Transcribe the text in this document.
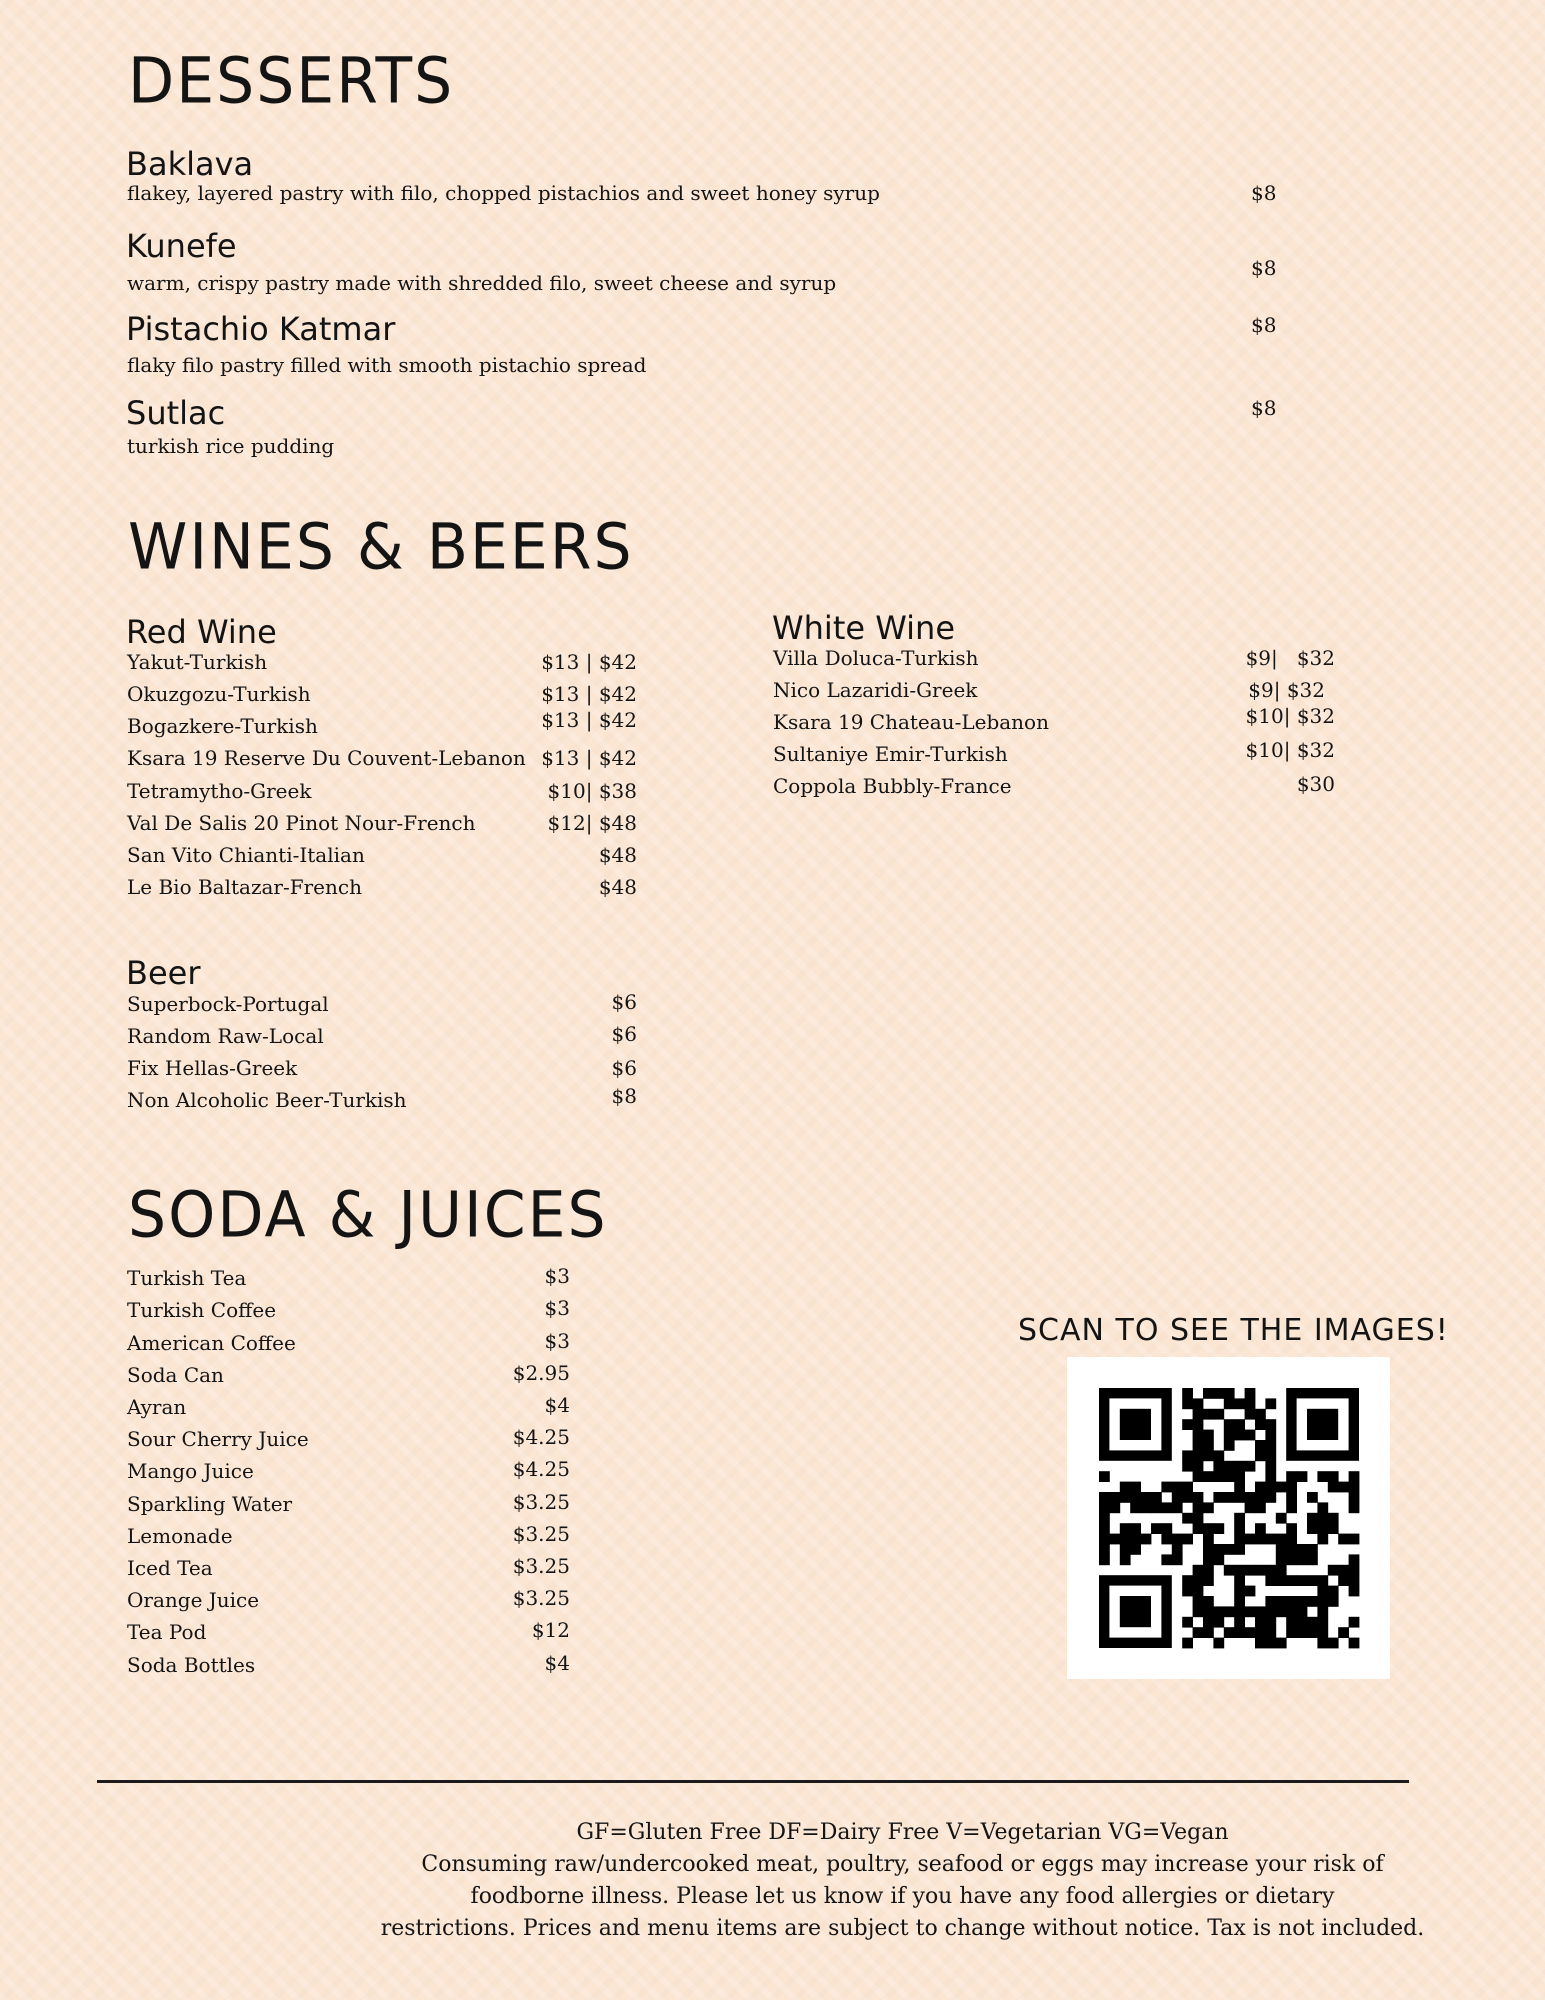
DESSERTS
Baklava
flakey, layered pastry with filo, chopped pistachios and sweet honey syrup	$8
Kunefe
warm, crispy pastry made with shredded filo, sweet cheese and syrup
$8
Pistachio Katmar
flaky filo pastry filled with smooth pistachio spread
$8
Sutlac
turkish rice pudding
$8
WINES & BEERS
Red Wine
Yakut-Turkish	$13 | $42
Okuzgozu-Turkish	$13 | $42
Bogazkere-Turkish	$13 | $42
Ksara 19 Reserve Du Couvent-Lebanon $13 | $42
Tetramytho-Greek	$10| $38
Val De Salis 20 Pinot Nour-French	$12| $48
San Vito Chianti-Italian	$48
Le Bio Baltazar-French	$48
White Wine
Villa Doluca-Turkish	$9|   $32
Nico Lazaridi-Greek	$9| $32
Ksara 19 Chateau-Lebanon	$10| $32
Sultaniye Emir-Turkish	$10| $32
Coppola Bubbly-France	$30
Beer
Superbock-Portugal	$6
Random Raw-Local	$6
Fix Hellas-Greek	$6
Non Alcoholic Beer-Turkish	$8
SODA & JUICES
Turkish Tea	$3
Turkish Coffee	$3
American Coffee	$3
Soda Can	$2.95
Ayran	$4
Sour Cherry Juice	$4.25
Mango Juice	$4.25
Sparkling Water	$3.25
Lemonade	$3.25
Iced Tea	$3.25
Orange Juice	$3.25
Tea Pod	$12
Soda Bottles	$4
SCAN TO SEE THE IMAGES!
GF=Gluten Free DF=Dairy Free V=Vegetarian VG=Vegan
Consuming raw/undercooked meat, poultry, seafood or eggs may increase your risk of
foodborne illness. Please let us know if you have any food allergies or dietary
restrictions. Prices and menu items are subject to change without notice. Tax is not included.
